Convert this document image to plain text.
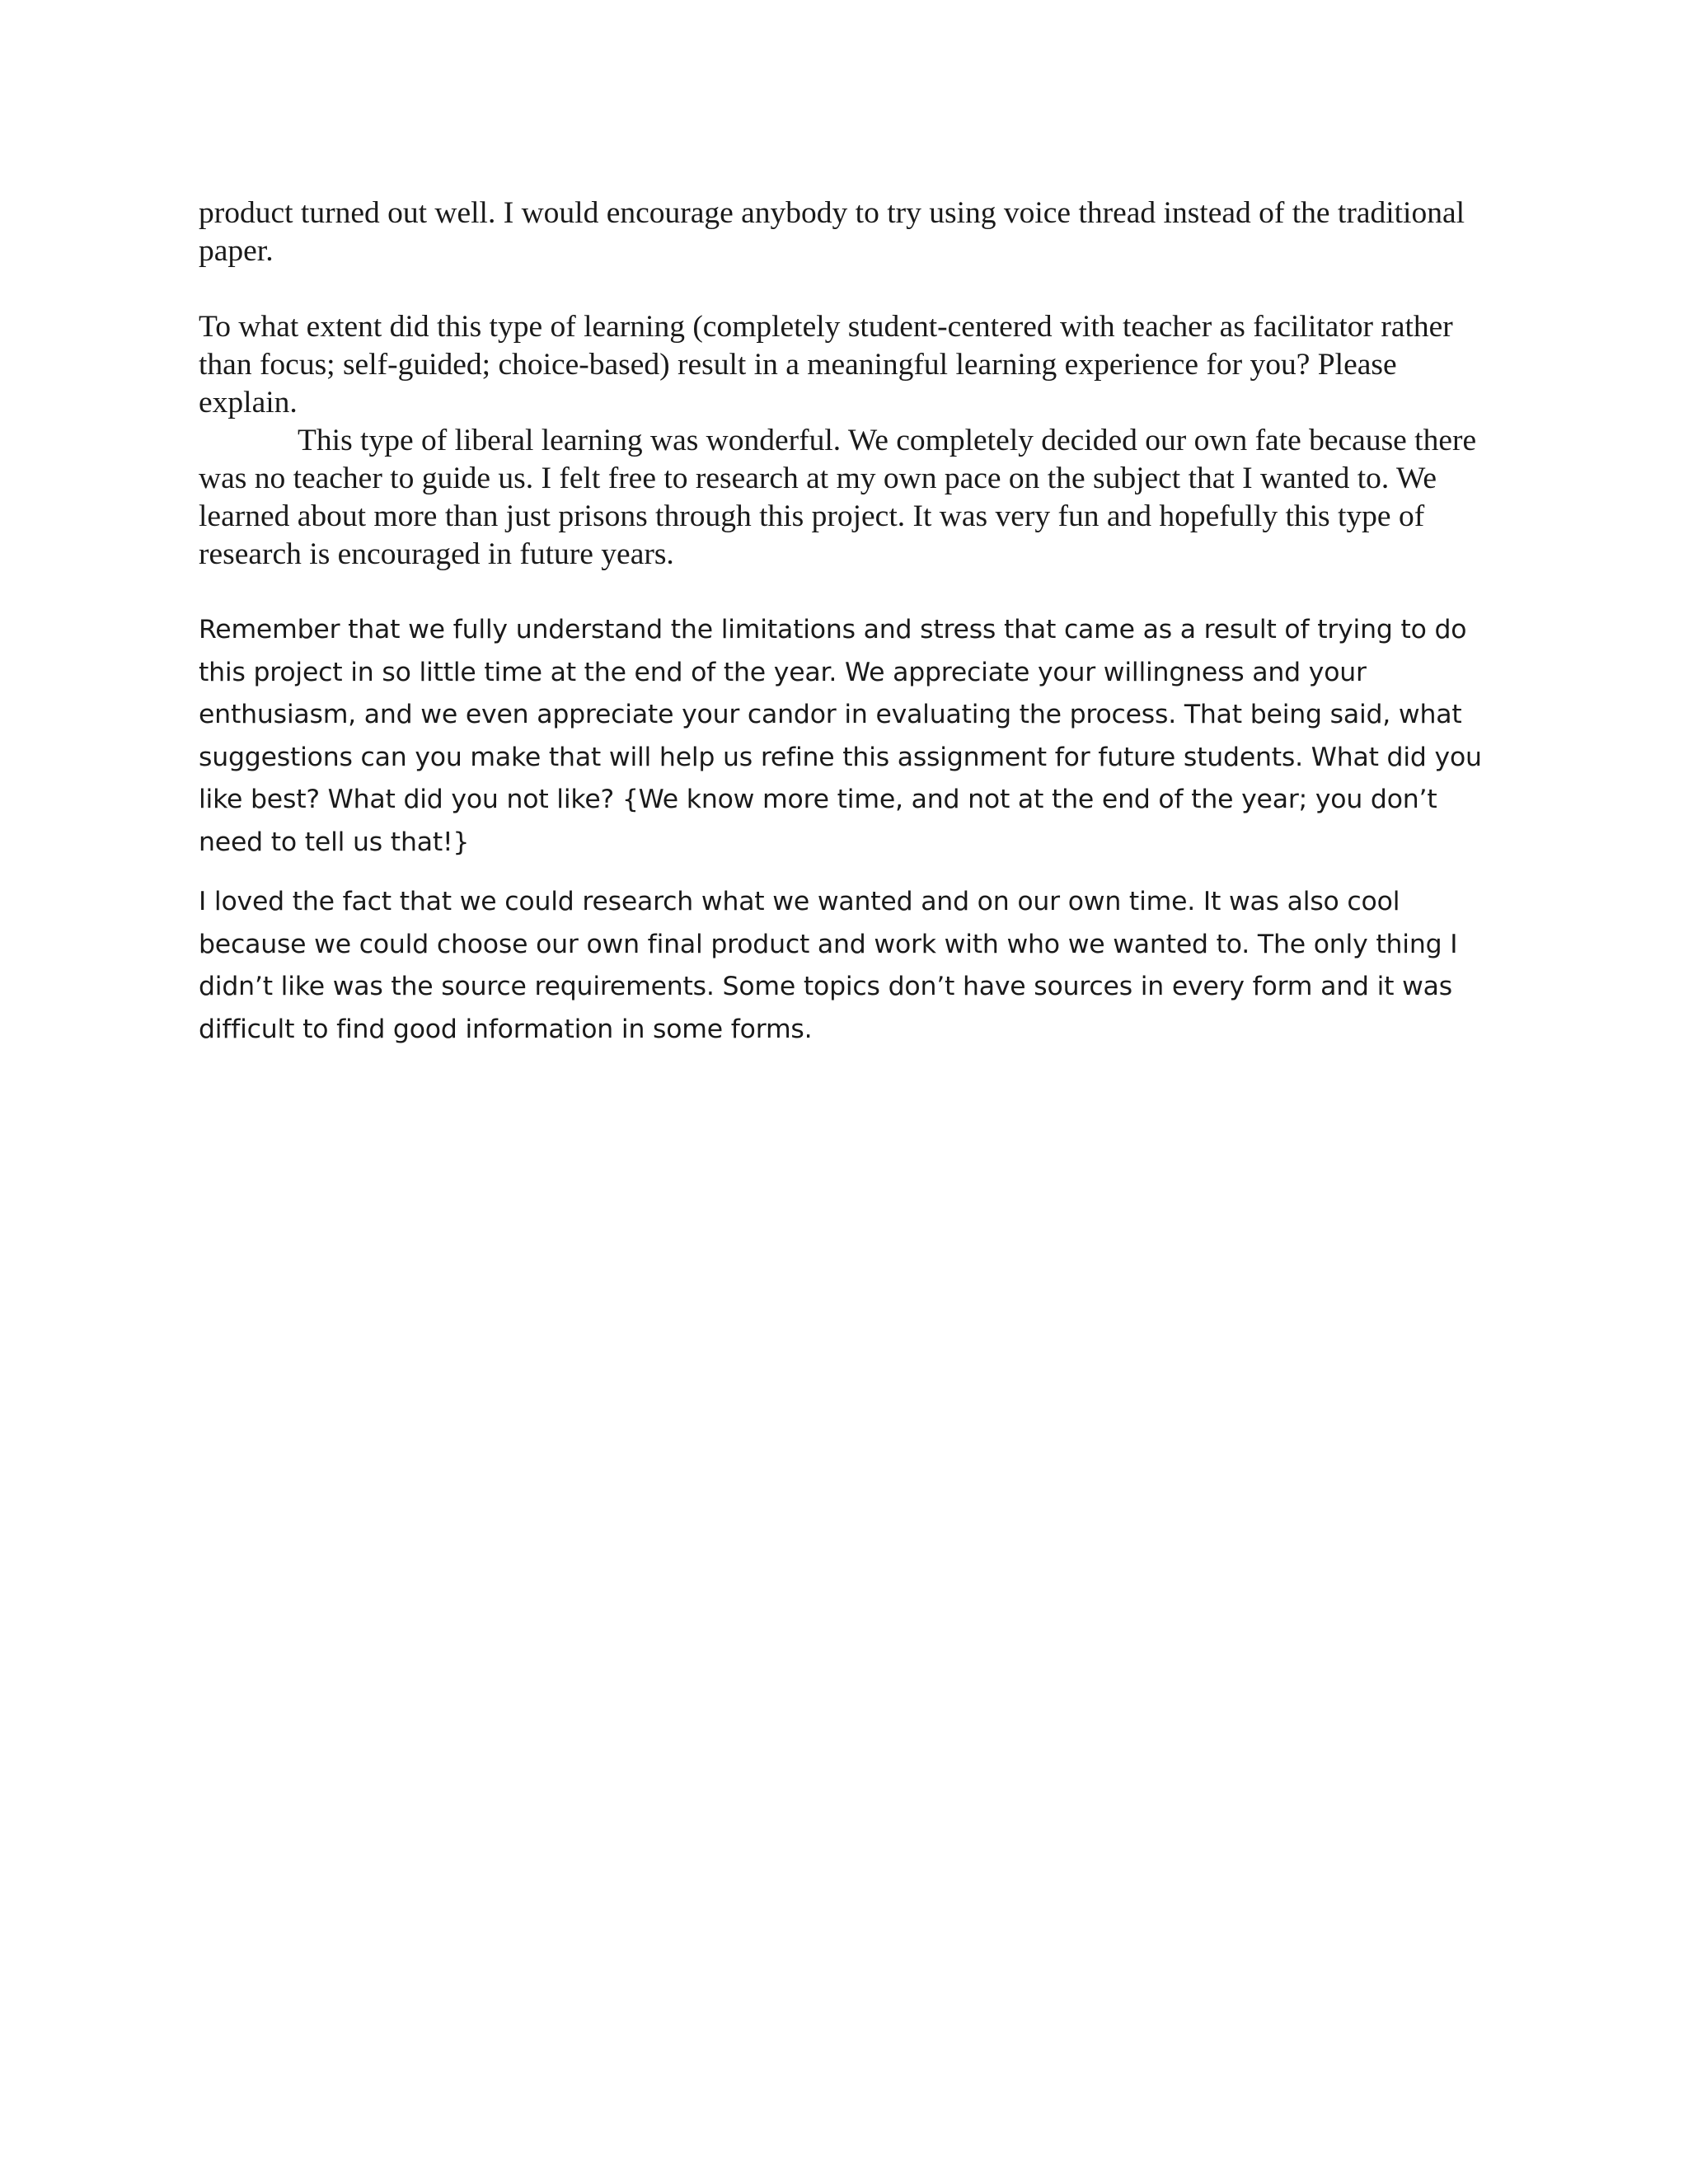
product turned out well. I would encourage anybody to try using voice thread instead of the traditional paper.

To what extent did this type of learning (completely student-centered with teacher as facilitator rather than focus; self-guided; choice-based) result in a meaningful learning experience for you? Please explain.

This type of liberal learning was wonderful. We completely decided our own fate because there was no teacher to guide us. I felt free to research at my own pace on the subject that I wanted to. We learned about more than just prisons through this project. It was very fun and hopefully this type of research is encouraged in future years.

Remember that we fully understand the limitations and stress that came as a result of trying to do this project in so little time at the end of the year. We appreciate your willingness and your enthusiasm, and we even appreciate your candor in evaluating the process. That being said, what suggestions can you make that will help us refine this assignment for future students. What did you like best? What did you not like? {We know more time, and not at the end of the year; you don’t need to tell us that!}

I loved the fact that we could research what we wanted and on our own time. It was also cool because we could choose our own final product and work with who we wanted to. The only thing I didn’t like was the source requirements. Some topics don’t have sources in every form and it was difficult to find good information in some forms.
